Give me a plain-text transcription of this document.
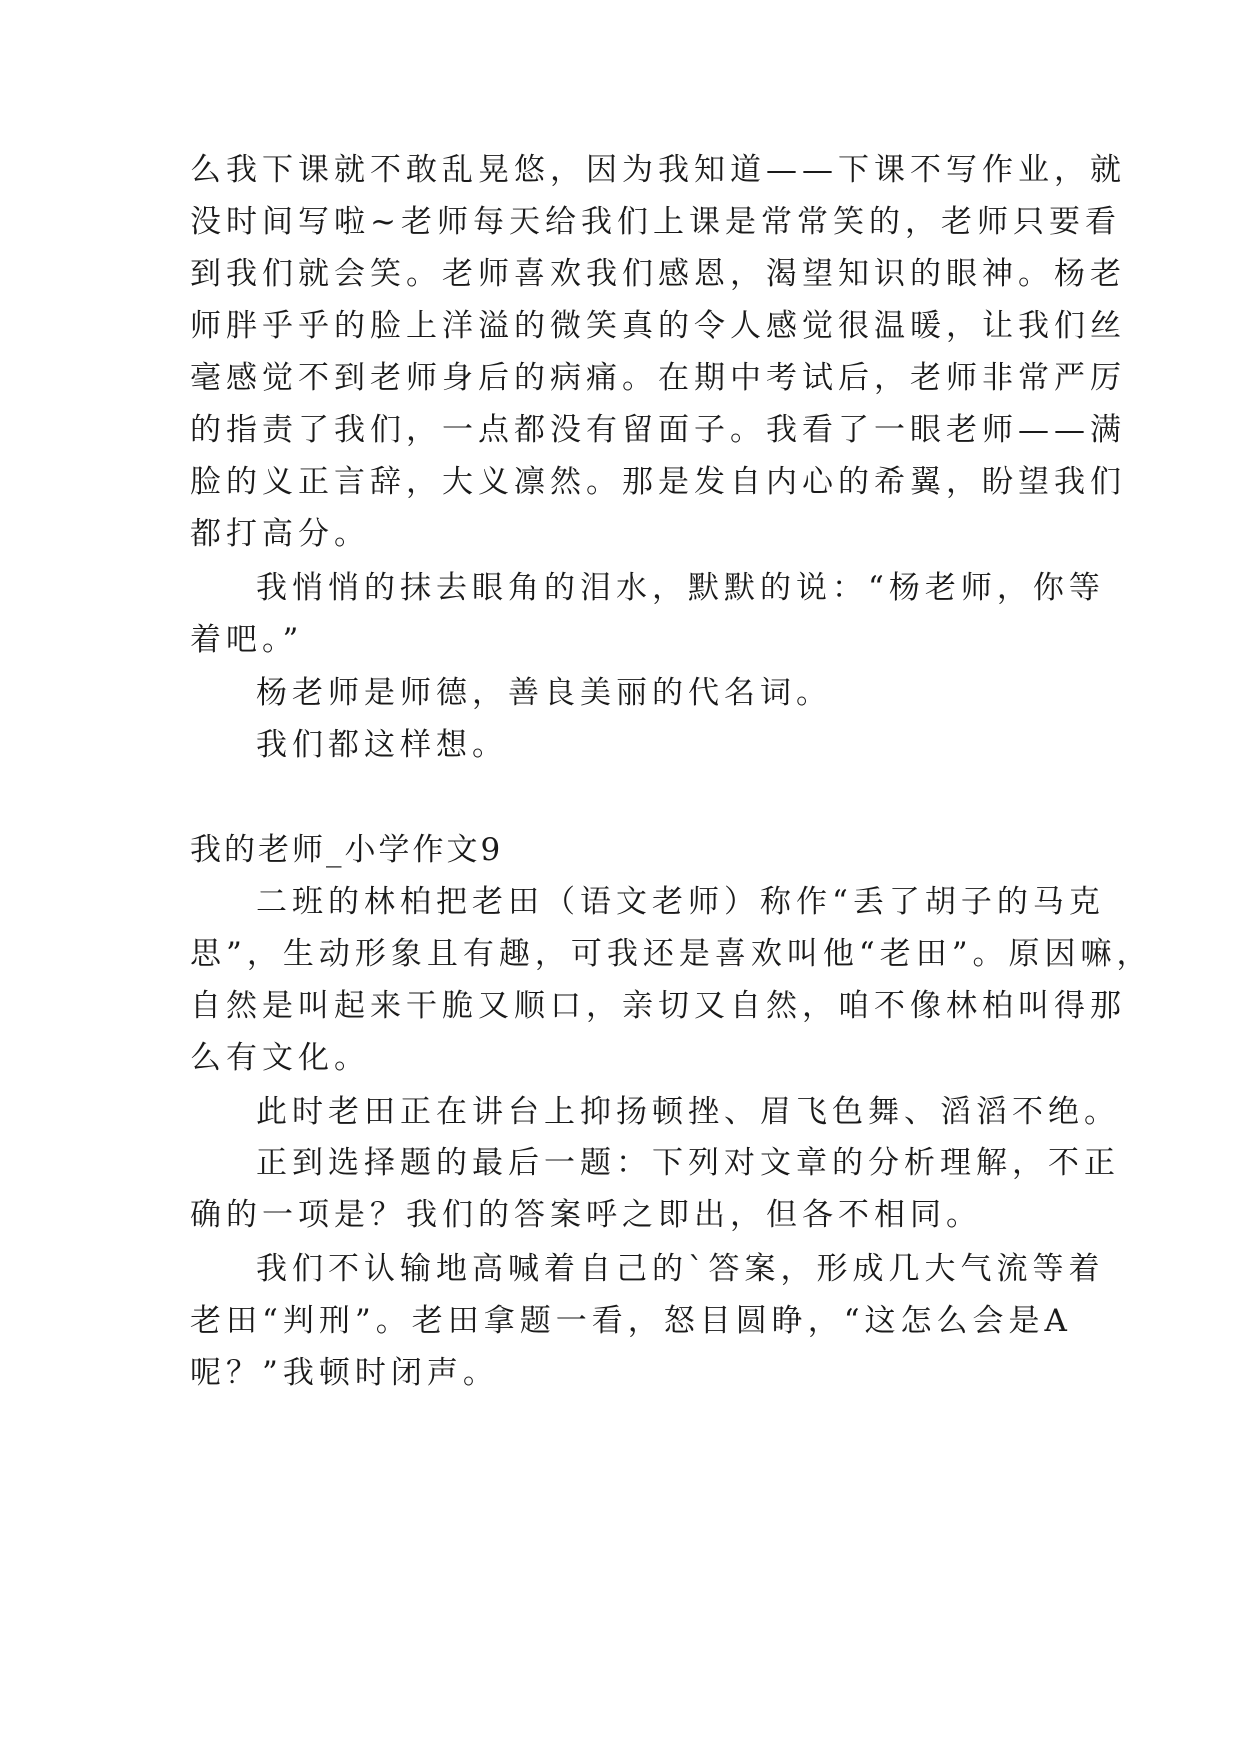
么我下课就不敢乱晃悠，因为我知道——下课不写作业，就
没时间写啦~老师每天给我们上课是常常笑的，老师只要看
到我们就会笑。老师喜欢我们感恩，渴望知识的眼神。杨老
师胖乎乎的脸上洋溢的微笑真的令人感觉很温暖，让我们丝
毫感觉不到老师身后的病痛。在期中考试后，老师非常严厉
的指责了我们，一点都没有留面子。我看了一眼老师——满
脸的义正言辞，大义凛然。那是发自内心的希翼，盼望我们
都打高分。
我悄悄的抹去眼角的泪水，默默的说：“杨老师，你等
着吧。”
杨老师是师德，善良美丽的代名词。
我们都这样想。
我的老师_小学作文9
二班的林柏把老田（语文老师）称作“丢了胡子的马克
思”，生动形象且有趣，可我还是喜欢叫他“老田”。原因嘛，
自然是叫起来干脆又顺口，亲切又自然，咱不像林柏叫得那
么有文化。
此时老田正在讲台上抑扬顿挫、眉飞色舞、滔滔不绝。
正到选择题的最后一题：下列对文章的分析理解，不正
确的一项是？我们的答案呼之即出，但各不相同。
我们不认输地高喊着自己的`答案，形成几大气流等着
老田“判刑”。老田拿题一看，怒目圆睁，“这怎么会是A
呢？”我顿时闭声。
